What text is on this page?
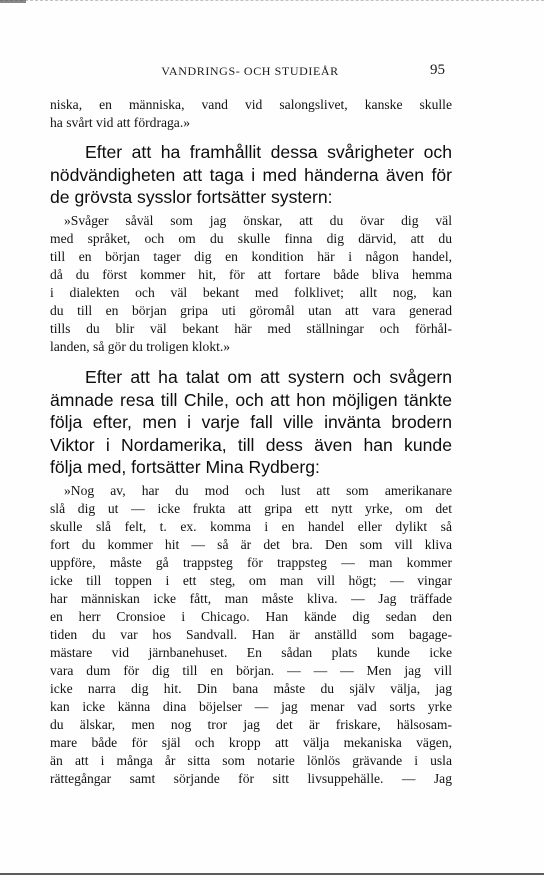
VANDRINGS- OCH STUDIEÅR	95
niska, en människa, vand vid salongslivet, kanske skulle
ha svårt vid att fördraga.»
Efter att ha framhållit dessa svårigheter och
nödvändigheten att taga i med händerna även för
de grövsta sysslor fortsätter systern:
»Svåger såväl som jag önskar, att du övar dig väl
med språket, och om du skulle finna dig därvid, att du
till en början tager dig en kondition här i någon handel,
då du först kommer hit, för att fortare både bliva hemma
i dialekten och väl bekant med folklivet; allt nog, kan
du till en början gripa uti göromål utan att vara generad
tills du blir väl bekant här med ställningar och förhål-
landen, så gör du troligen klokt.»
Efter att ha talat om att systern och svågern
ämnade resa till Chile, och att hon möjligen tänkte
följa efter, men i varje fall ville invänta brodern
Viktor i Nordamerika, till dess även han kunde
följa med, fortsätter Mina Rydberg:
»Nog av, har du mod och lust att som amerikanare
slå dig ut — icke frukta att gripa ett nytt yrke, om det
skulle slå felt, t. ex. komma i en handel eller dylikt så
fort du kommer hit — så är det bra. Den som vill kliva
uppföre, måste gå trappsteg för trappsteg — man kommer
icke till toppen i ett steg, om man vill högt; — vingar
har människan icke fått, man måste kliva. — Jag träffade
en herr Cronsioe i Chicago. Han kände dig sedan den
tiden du var hos Sandvall. Han är anställd som bagage-
mästare vid järnbanehuset. En sådan plats kunde icke
vara dum för dig till en början. — — — Men jag vill
icke narra dig hit. Din bana måste du själv välja, jag
kan icke känna dina böjelser — jag menar vad sorts yrke
du älskar, men nog tror jag det är friskare, hälsosam-
mare både för själ och kropp att välja mekaniska vägen,
än att i många år sitta som notarie lönlös grävande i usla
rättegångar samt sörjande för sitt livsuppehälle. — Jag
